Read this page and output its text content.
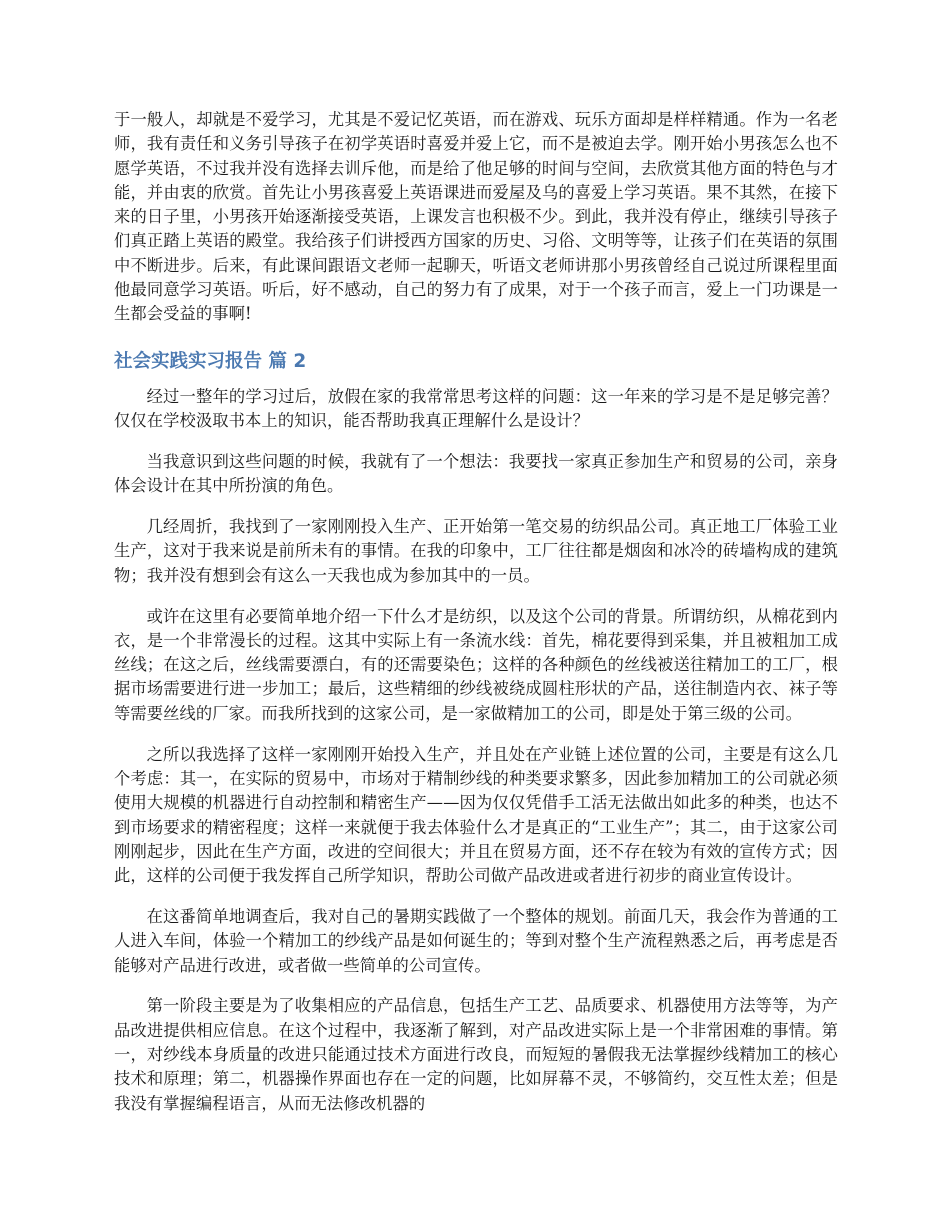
于一般人，却就是不爱学习，尤其是不爱记忆英语，而在游戏、玩乐方面却是样样精通。作为一名老师，我有责任和义务引导孩子在初学英语时喜爱并爱上它，而不是被迫去学。刚开始小男孩怎么也不愿学英语，不过我并没有选择去训斥他，而是给了他足够的时间与空间，去欣赏其他方面的特色与才能，并由衷的欣赏。首先让小男孩喜爱上英语课进而爱屋及乌的喜爱上学习英语。果不其然，在接下来的日子里，小男孩开始逐渐接受英语，上课发言也积极不少。到此，我并没有停止，继续引导孩子们真正踏上英语的殿堂。我给孩子们讲授西方国家的历史、习俗、文明等等，让孩子们在英语的氛围中不断进步。后来，有此课间跟语文老师一起聊天，听语文老师讲那小男孩曾经自己说过所课程里面他最同意学习英语。听后，好不感动，自己的努力有了成果，对于一个孩子而言，爱上一门功课是一生都会受益的事啊!

社会实践实习报告 篇 2

经过一整年的学习过后，放假在家的我常常思考这样的问题：这一年来的学习是不是足够完善？仅仅在学校汲取书本上的知识，能否帮助我真正理解什么是设计？

当我意识到这些问题的时候，我就有了一个想法：我要找一家真正参加生产和贸易的公司，亲身体会设计在其中所扮演的角色。

几经周折，我找到了一家刚刚投入生产、正开始第一笔交易的纺织品公司。真正地工厂体验工业生产，这对于我来说是前所未有的事情。在我的印象中，工厂往往都是烟囱和冰冷的砖墙构成的建筑物；我并没有想到会有这么一天我也成为参加其中的一员。

或许在这里有必要简单地介绍一下什么才是纺织，以及这个公司的背景。所谓纺织，从棉花到内衣，是一个非常漫长的过程。这其中实际上有一条流水线：首先，棉花要得到采集，并且被粗加工成丝线；在这之后，丝线需要漂白，有的还需要染色；这样的各种颜色的丝线被送往精加工的工厂，根据市场需要进行进一步加工；最后，这些精细的纱线被绕成圆柱形状的产品，送往制造内衣、袜子等等需要丝线的厂家。而我所找到的这家公司，是一家做精加工的公司，即是处于第三级的公司。

之所以我选择了这样一家刚刚开始投入生产，并且处在产业链上述位置的公司，主要是有这么几个考虑：其一，在实际的贸易中，市场对于精制纱线的种类要求繁多，因此参加精加工的公司就必须使用大规模的机器进行自动控制和精密生产——因为仅仅凭借手工活无法做出如此多的种类，也达不到市场要求的精密程度；这样一来就便于我去体验什么才是真正的“工业生产”；其二，由于这家公司刚刚起步，因此在生产方面，改进的空间很大；并且在贸易方面，还不存在较为有效的宣传方式；因此，这样的公司便于我发挥自己所学知识，帮助公司做产品改进或者进行初步的商业宣传设计。

在这番简单地调查后，我对自己的暑期实践做了一个整体的规划。前面几天，我会作为普通的工人进入车间，体验一个精加工的纱线产品是如何诞生的；等到对整个生产流程熟悉之后，再考虑是否能够对产品进行改进，或者做一些简单的公司宣传。

第一阶段主要是为了收集相应的产品信息，包括生产工艺、品质要求、机器使用方法等等，为产品改进提供相应信息。在这个过程中，我逐渐了解到，对产品改进实际上是一个非常困难的事情。第一，对纱线本身质量的改进只能通过技术方面进行改良，而短短的暑假我无法掌握纱线精加工的核心技术和原理；第二，机器操作界面也存在一定的问题，比如屏幕不灵，不够简约，交互性太差；但是我没有掌握编程语言，从而无法修改机器的
